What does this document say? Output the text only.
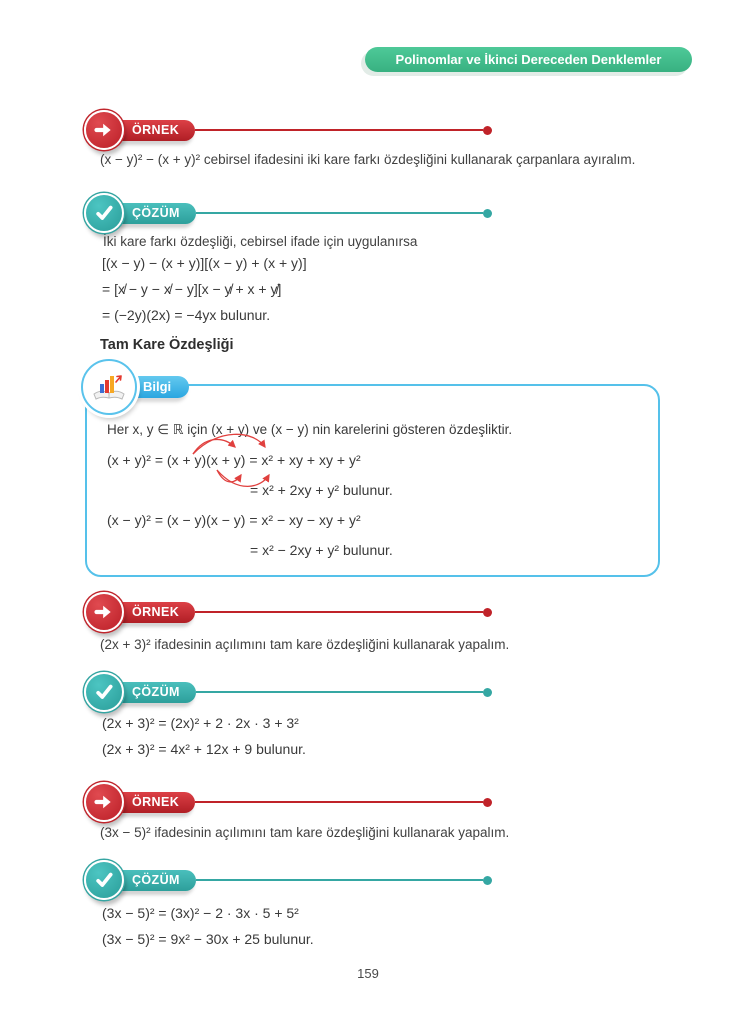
Polinomlar ve İkinci Dereceden Denklemler
ÖRNEK
(x − y)² − (x + y)² cebirsel ifadesini iki kare farkı özdeşliğini kullanarak çarpanlara ayıralım.
ÇÖZÜM
İki kare farkı özdeşliği, cebirsel ifade için uygulanırsa
[(x − y) − (x + y)][(x − y) + (x + y)]
= [x̸ − y − x̸ − y][x − y̸ + x + y̸]
= (−2y)(2x) = −4yx bulunur.
Tam Kare Özdeşliği
Bilgi
Her x, y ∈ ℝ için (x + y) ve (x − y) nin karelerini gösteren özdeşliktir.
(x + y)² = (x + y)(x + y) = x² + xy + xy + y²
= x² + 2xy + y² bulunur.
(x − y)² = (x − y)(x − y) = x² − xy − xy + y²
= x² − 2xy + y² bulunur.
ÖRNEK
(2x + 3)² ifadesinin açılımını tam kare özdeşliğini kullanarak yapalım.
ÇÖZÜM
(2x + 3)² = (2x)² + 2 · 2x · 3 + 3²
(2x + 3)² = 4x² + 12x + 9 bulunur.
ÖRNEK
(3x − 5)² ifadesinin açılımını tam kare özdeşliğini kullanarak yapalım.
ÇÖZÜM
(3x − 5)² = (3x)² − 2 · 3x · 5 + 5²
(3x − 5)² = 9x² − 30x + 25 bulunur.
159
